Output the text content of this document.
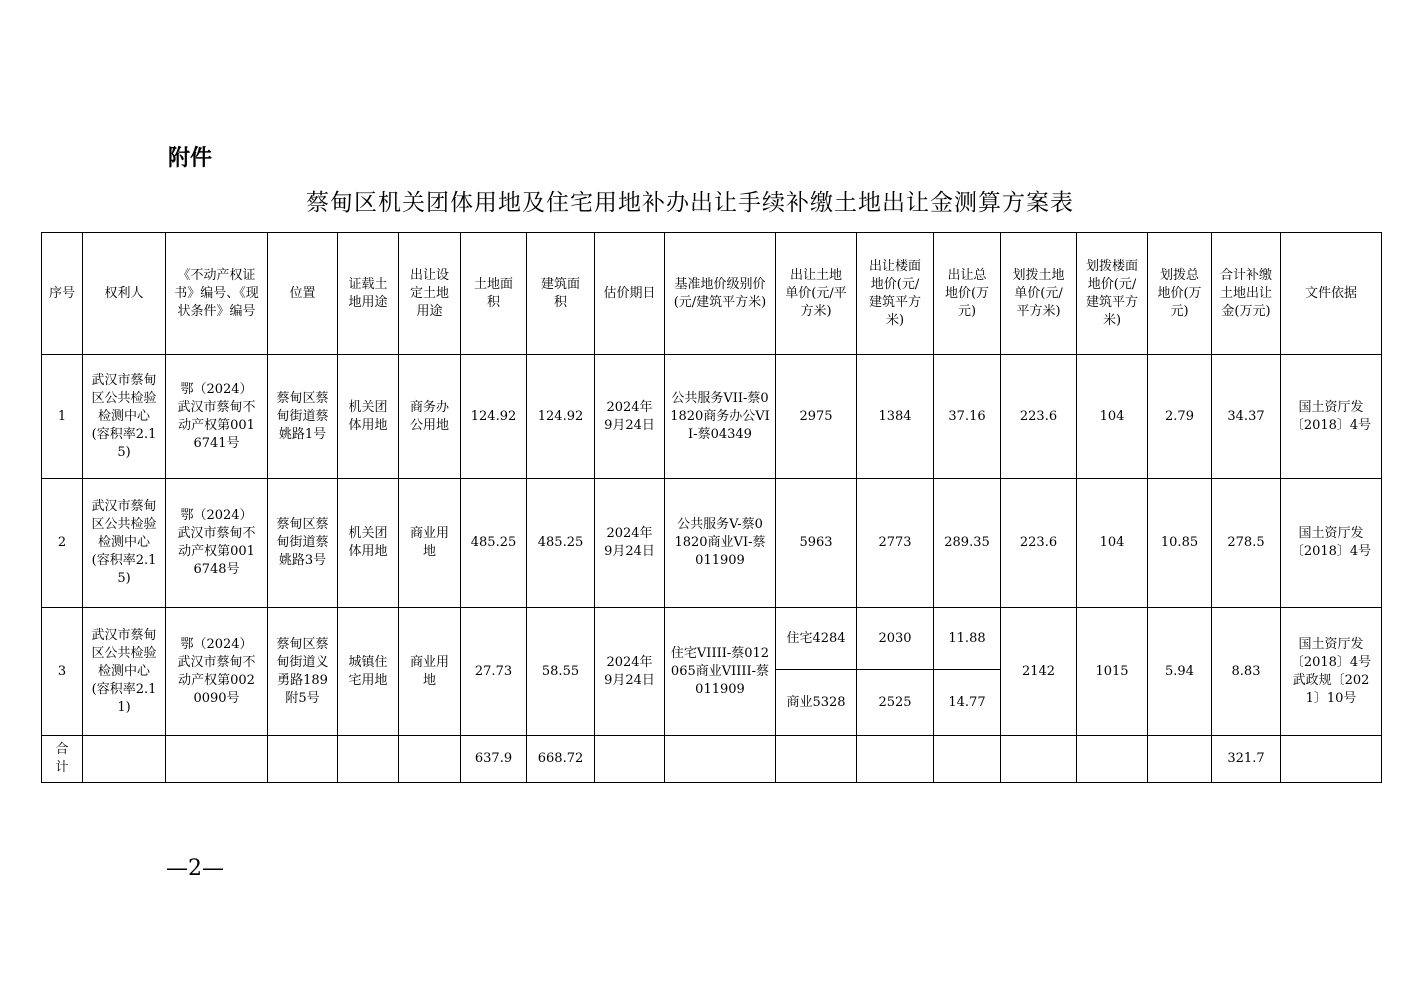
附件
蔡甸区机关团体用地及住宅用地补办出让手续补缴土地出让金测算方案表
序号	权利人	《不动产权证书》编号、《现状条件》编号	位置	证载土地用途	出让设定土地用途	土地面积	建筑面积	估价期日	基准地价级别价(元/建筑平方米)	出让土地单价(元/平方米)	出让楼面地价(元/建筑平方米)	出让总地价(万元)	划拨土地单价(元/平方米)	划拨楼面地价(元/建筑平方米)	划拨总地价(万元)	合计补缴土地出让金(万元)	文件依据
1	武汉市蔡甸区公共检验检测中心(容积率2.15)	鄂（2024）武汉市蔡甸不动产权第0016741号	蔡甸区蔡甸街道蔡姚路1号	机关团体用地	商务办公用地	124.92	124.92	2024年9月24日	公共服务VII-蔡01820商务办公VII-蔡04349	2975	1384	37.16	223.6	104	2.79	34.37	国土资厅发〔2018〕4号
2	武汉市蔡甸区公共检验检测中心(容积率2.15)	鄂（2024）武汉市蔡甸不动产权第0016748号	蔡甸区蔡甸街道蔡姚路3号	机关团体用地	商业用地	485.25	485.25	2024年9月24日	公共服务V-蔡01820商业VI-蔡011909	5963	2773	289.35	223.6	104	10.85	278.5	国土资厅发〔2018〕4号
3	武汉市蔡甸区公共检验检测中心(容积率2.11)	鄂（2024）武汉市蔡甸不动产权第0020090号	蔡甸区蔡甸街道义勇路189附5号	城镇住宅用地	商业用地	27.73	58.55	2024年9月24日	住宅VIIII-蔡012065商业VIIII-蔡011909	住宅4284	2030	11.88	2142	1015	5.94	8.83	国土资厅发〔2018〕4号武政规〔2021〕10号
										商业5328	2525	14.77					
合计						637.9	668.72									321.7	
—2—
